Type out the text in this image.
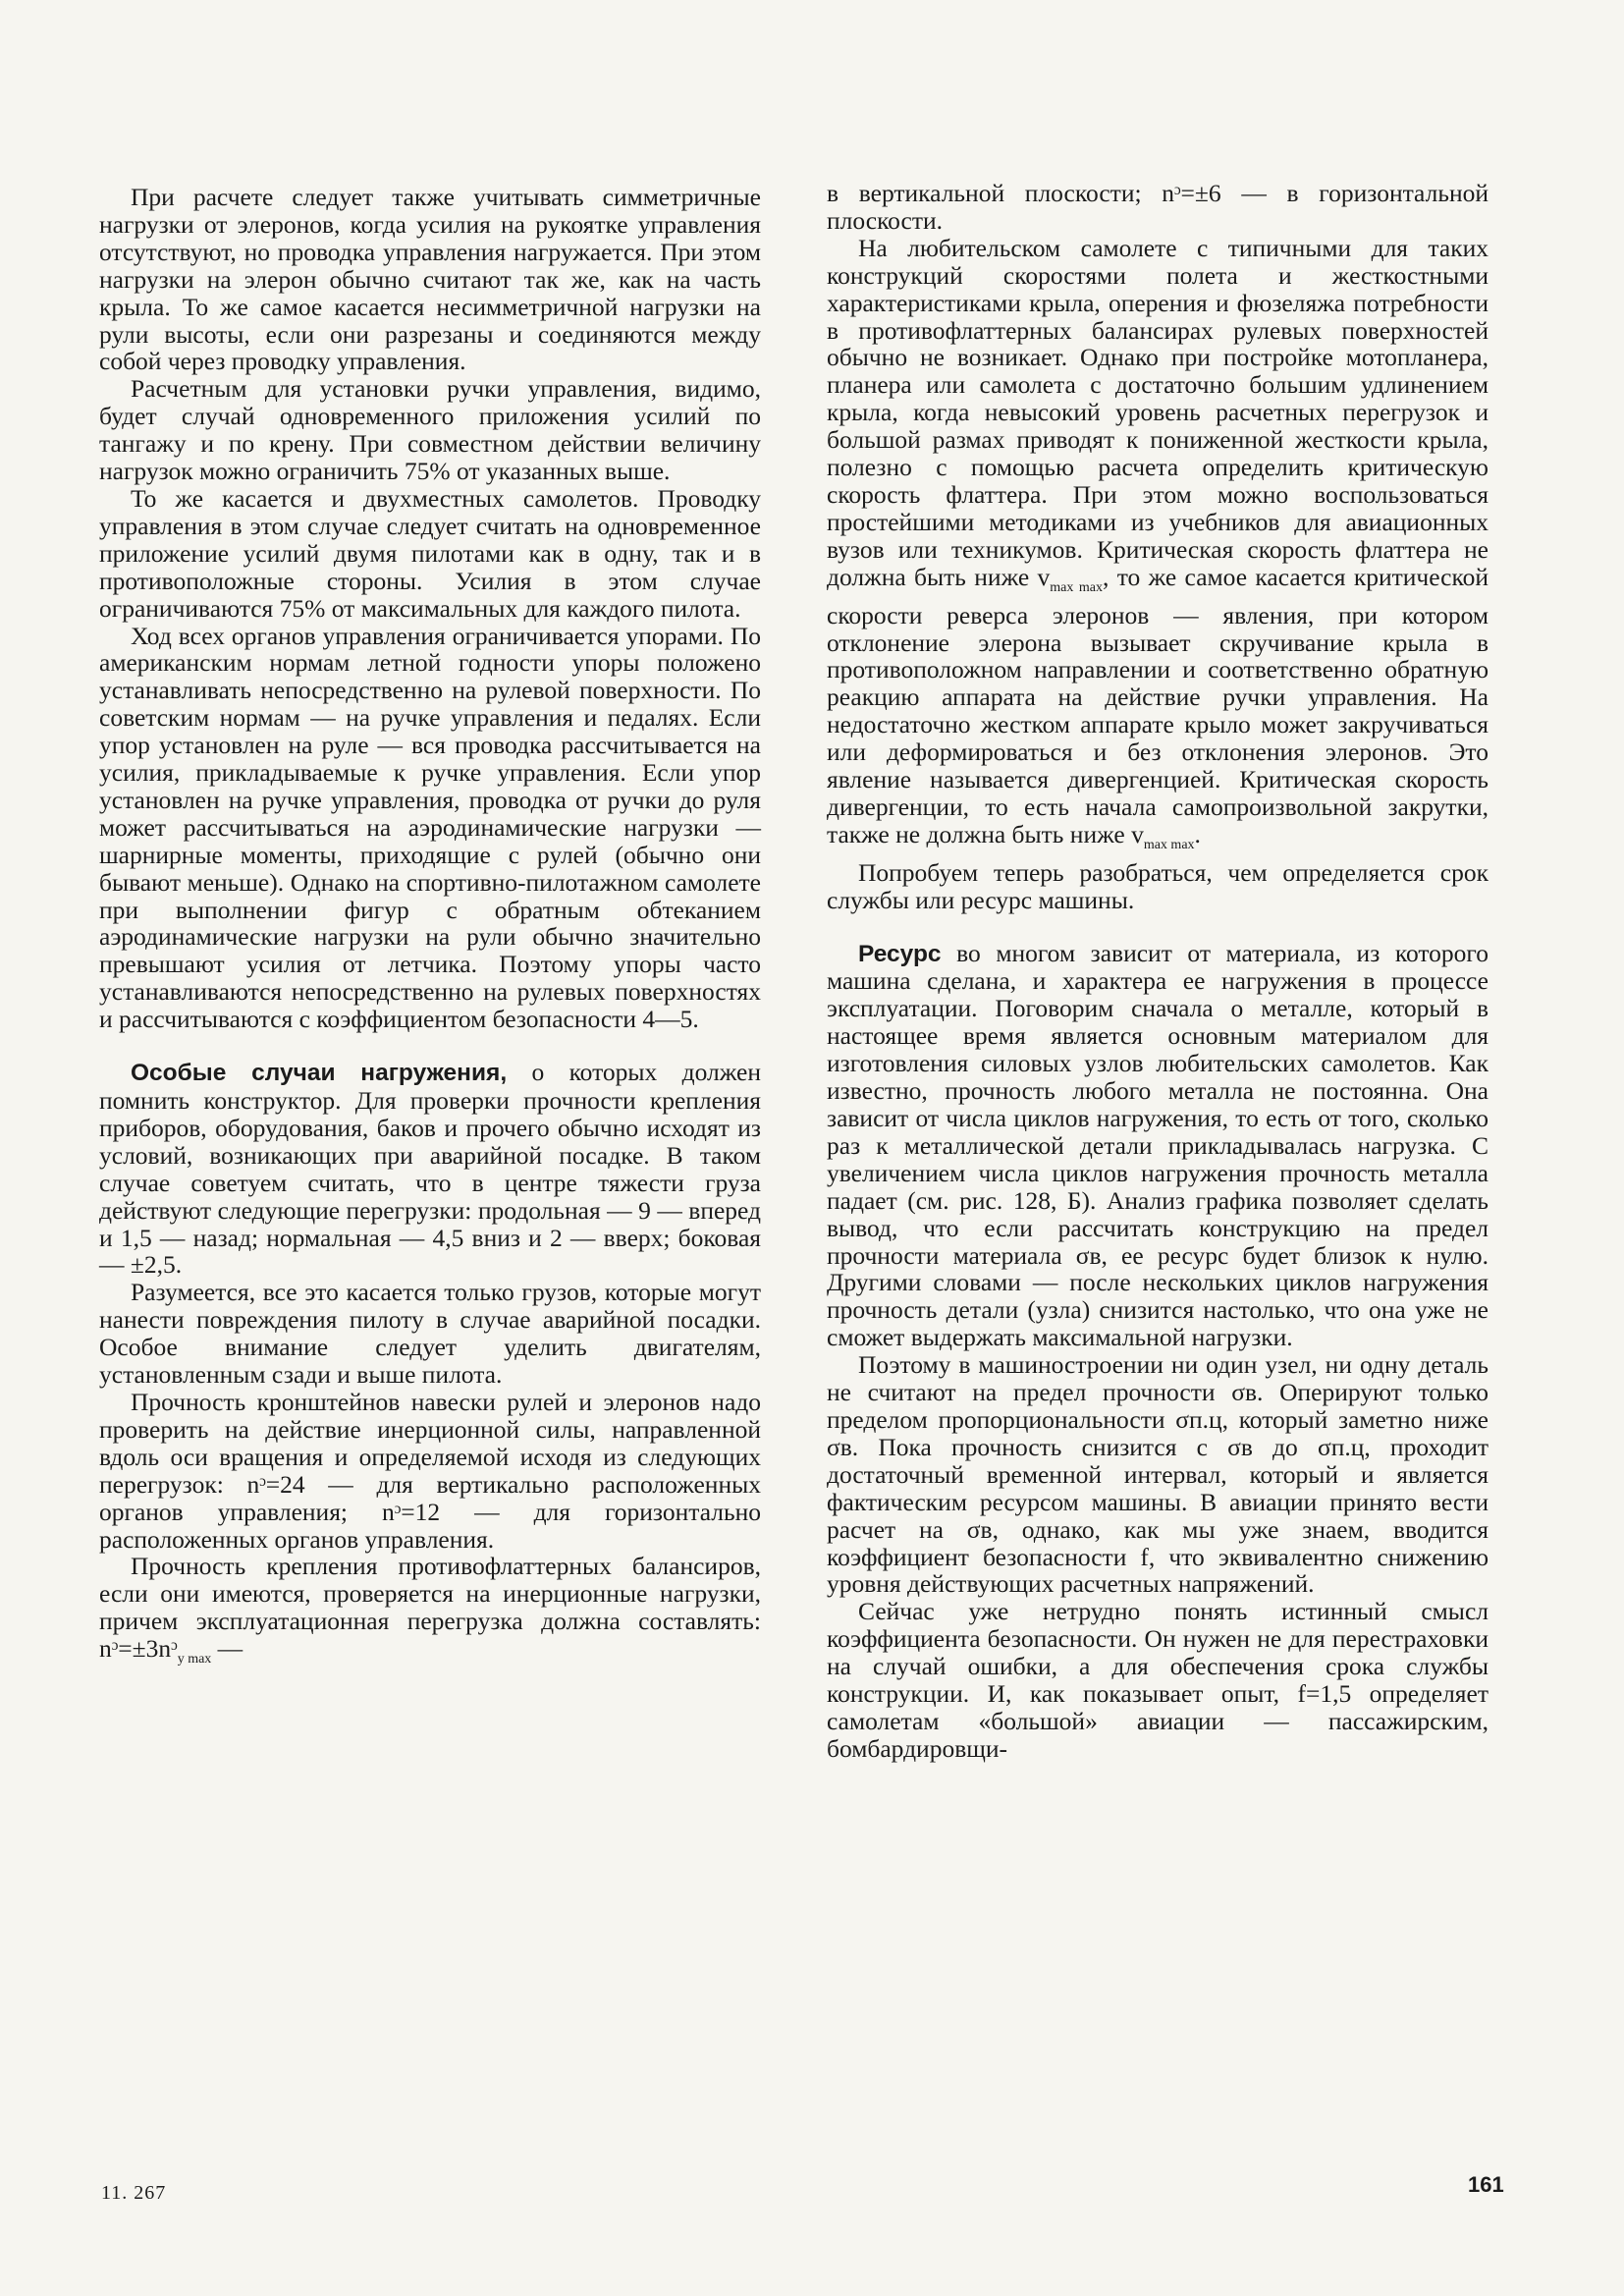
При расчете следует также учитывать симметричные нагрузки от элеронов, когда усилия на рукоятке управления отсутствуют, но проводка управления нагружается. При этом нагрузки на элерон обычно считают так же, как на часть крыла. То же самое касается несимметричной нагрузки на рули высоты, если они разрезаны и соединяются между собой через проводку управления.

Расчетным для установки ручки управления, видимо, будет случай одновременного приложения усилий по тангажу и по крену. При совместном действии величину нагрузок можно ограничить 75% от указанных выше.

То же касается и двухместных самолетов. Проводку управления в этом случае следует считать на одновременное приложение усилий двумя пилотами как в одну, так и в противоположные стороны. Усилия в этом случае ограничиваются 75% от максимальных для каждого пилота.

Ход всех органов управления ограничивается упорами. По американским нормам летной годности упоры положено устанавливать непосредственно на рулевой поверхности. По советским нормам — на ручке управления и педалях. Если упор установлен на руле — вся проводка рассчитывается на усилия, прикладываемые к ручке управления. Если упор установлен на ручке управления, проводка от ручки до руля может рассчитываться на аэродинамические нагрузки — шарнирные моменты, приходящие с рулей (обычно они бывают меньше). Однако на спортивно-пилотажном самолете при выполнении фигур с обратным обтеканием аэродинамические нагрузки на рули обычно значительно превышают усилия от летчика. Поэтому упоры часто устанавливаются непосредственно на рулевых поверхностях и рассчитываются с коэффициентом безопасности 4—5.

Особые случаи нагружения, о которых должен помнить конструктор. Для проверки прочности крепления приборов, оборудования, баков и прочего обычно исходят из условий, возникающих при аварийной посадке. В таком случае советуем считать, что в центре тяжести груза действуют следующие перегрузки: продольная — 9 — вперед и 1,5 — назад; нормальная — 4,5 вниз и 2 — вверх; боковая — ±2,5.

Разумеется, все это касается только грузов, которые могут нанести повреждения пилоту в случае аварийной посадки. Особое внимание следует уделить двигателям, установленным сзади и выше пилота.

Прочность кронштейнов навески рулей и элеронов надо проверить на действие инерционной силы, направленной вдоль оси вращения и определяемой исходя из следующих перегрузок: nᵓ=24 — для вертикально расположенных органов управления; nᵓ=12 — для горизонтально расположенных органов управления.

Прочность крепления противофлаттерных балансиров, если они имеются, проверяется на инерционные нагрузки, причем эксплуатационная перегрузка должна составлять: nᵓ=±3nᵓ$_{y max}$ —

в вертикальной плоскости; nᵓ=±6 — в горизонтальной плоскости.

На любительском самолете с типичными для таких конструкций скоростями полета и жесткостными характеристиками крыла, оперения и фюзеляжа потребности в противофлаттерных балансирах рулевых поверхностей обычно не возникает. Однако при постройке мотопланера, планера или самолета с достаточно большим удлинением крыла, когда невысокий уровень расчетных перегрузок и большой размах приводят к пониженной жесткости крыла, полезно с помощью расчета определить критическую скорость флаттера. При этом можно воспользоваться простейшими методиками из учебников для авиационных вузов или техникумов. Критическая скорость флаттера не должна быть ниже $v_{max max}$, то же самое касается критической скорости реверса элеронов — явления, при котором отклонение элерона вызывает скручивание крыла в противоположном направлении и соответственно обратную реакцию аппарата на действие ручки управления. На недостаточно жестком аппарате крыло может закручиваться или деформироваться и без отклонения элеронов. Это явление называется дивергенцией. Критическая скорость дивергенции, то есть начала самопроизвольной закрутки, также не должна быть ниже $v_{max max}$.

Попробуем теперь разобраться, чем определяется срок службы или ресурс машины.

Ресурс во многом зависит от материала, из которого машина сделана, и характера ее нагружения в процессе эксплуатации. Поговорим сначала о металле, который в настоящее время является основным материалом для изготовления силовых узлов любительских самолетов. Как известно, прочность любого металла не постоянна. Она зависит от числа циклов нагружения, то есть от того, сколько раз к металлической детали прикладывалась нагрузка. С увеличением числа циклов нагружения прочность металла падает (см. рис. 128, Б). Анализ графика позволяет сделать вывод, что если рассчитать конструкцию на предел прочности материала σв, ее ресурс будет близок к нулю. Другими словами — после нескольких циклов нагружения прочность детали (узла) снизится настолько, что она уже не сможет выдержать максимальной нагрузки.

Поэтому в машиностроении ни один узел, ни одну деталь не считают на предел прочности σв. Оперируют только пределом пропорциональности σп.ц, который заметно ниже σв. Пока прочность снизится с σв до σп.ц, проходит достаточный временной интервал, который и является фактическим ресурсом машины. В авиации принято вести расчет на σв, однако, как мы уже знаем, вводится коэффициент безопасности f, что эквивалентно снижению уровня действующих расчетных напряжений.

Сейчас уже нетрудно понять истинный смысл коэффициента безопасности. Он нужен не для перестраховки на случай ошибки, а для обеспечения срока службы конструкции. И, как показывает опыт, f=1,5 определяет самолетам «большой» авиации — пассажирским, бомбардировщи-

11. 267	161
